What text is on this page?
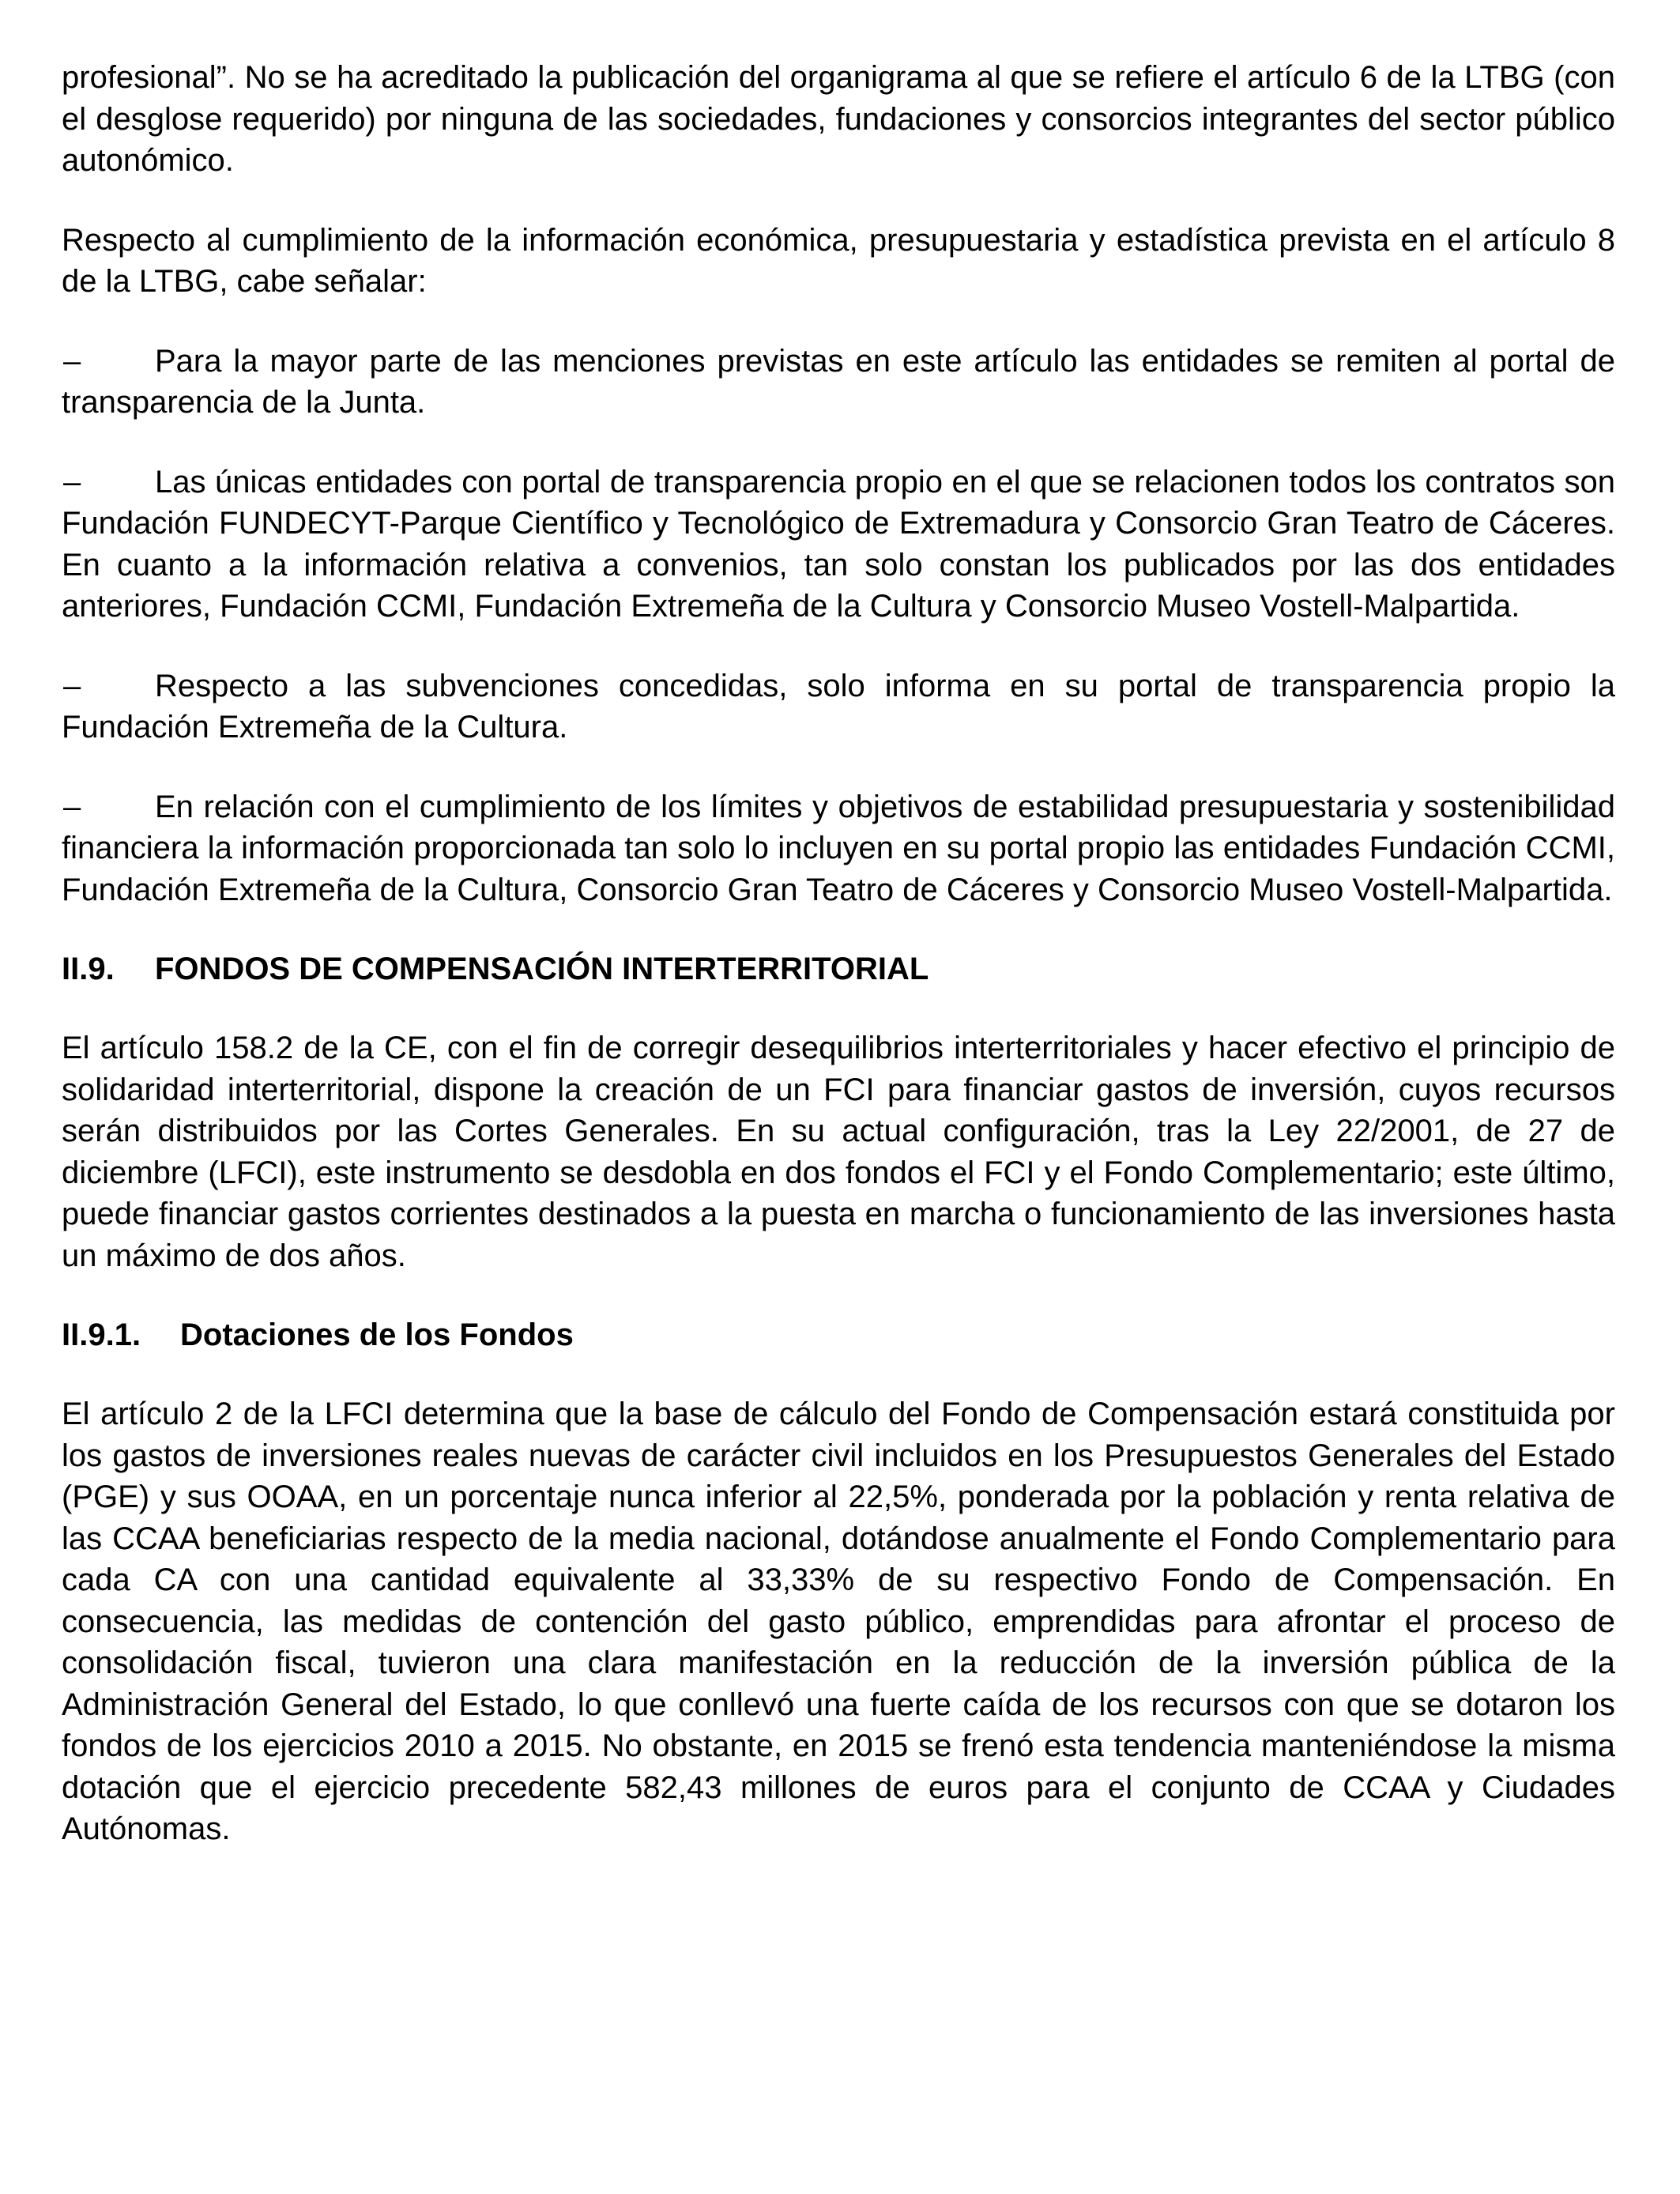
profesional”. No se ha acreditado la publicación del organigrama al que se refiere el artículo 6 de la LTBG (con el desglose requerido) por ninguna de las sociedades, fundaciones y consorcios integrantes del sector público autonómico.

Respecto al cumplimiento de la información económica, presupuestaria y estadística prevista en el artículo 8 de la LTBG, cabe señalar:

– Para la mayor parte de las menciones previstas en este artículo las entidades se remiten al portal de transparencia de la Junta.

– Las únicas entidades con portal de transparencia propio en el que se relacionen todos los contratos son Fundación FUNDECYT-Parque Científico y Tecnológico de Extremadura y Consorcio Gran Teatro de Cáceres. En cuanto a la información relativa a convenios, tan solo constan los publicados por las dos entidades anteriores, Fundación CCMI, Fundación Extremeña de la Cultura y Consorcio Museo Vostell-Malpartida.

– Respecto a las subvenciones concedidas, solo informa en su portal de transparencia propio la Fundación Extremeña de la Cultura.

– En relación con el cumplimiento de los límites y objetivos de estabilidad presupuestaria y sostenibilidad financiera la información proporcionada tan solo lo incluyen en su portal propio las entidades Fundación CCMI, Fundación Extremeña de la Cultura, Consorcio Gran Teatro de Cáceres y Consorcio Museo Vostell-Malpartida.

II.9. FONDOS DE COMPENSACIÓN INTERTERRITORIAL

El artículo 158.2 de la CE, con el fin de corregir desequilibrios interterritoriales y hacer efectivo el principio de solidaridad interterritorial, dispone la creación de un FCI para financiar gastos de inversión, cuyos recursos serán distribuidos por las Cortes Generales. En su actual configuración, tras la Ley 22/2001, de 27 de diciembre (LFCI), este instrumento se desdobla en dos fondos el FCI y el Fondo Complementario; este último, puede financiar gastos corrientes destinados a la puesta en marcha o funcionamiento de las inversiones hasta un máximo de dos años.

II.9.1. Dotaciones de los Fondos

El artículo 2 de la LFCI determina que la base de cálculo del Fondo de Compensación estará constituida por los gastos de inversiones reales nuevas de carácter civil incluidos en los Presupuestos Generales del Estado (PGE) y sus OOAA, en un porcentaje nunca inferior al 22,5%, ponderada por la población y renta relativa de las CCAA beneficiarias respecto de la media nacional, dotándose anualmente el Fondo Complementario para cada CA con una cantidad equivalente al 33,33% de su respectivo Fondo de Compensación. En consecuencia, las medidas de contención del gasto público, emprendidas para afrontar el proceso de consolidación fiscal, tuvieron una clara manifestación en la reducción de la inversión pública de la Administración General del Estado, lo que conllevó una fuerte caída de los recursos con que se dotaron los fondos de los ejercicios 2010 a 2015. No obstante, en 2015 se frenó esta tendencia manteniéndose la misma dotación que el ejercicio precedente 582,43 millones de euros para el conjunto de CCAA y Ciudades Autónomas.
